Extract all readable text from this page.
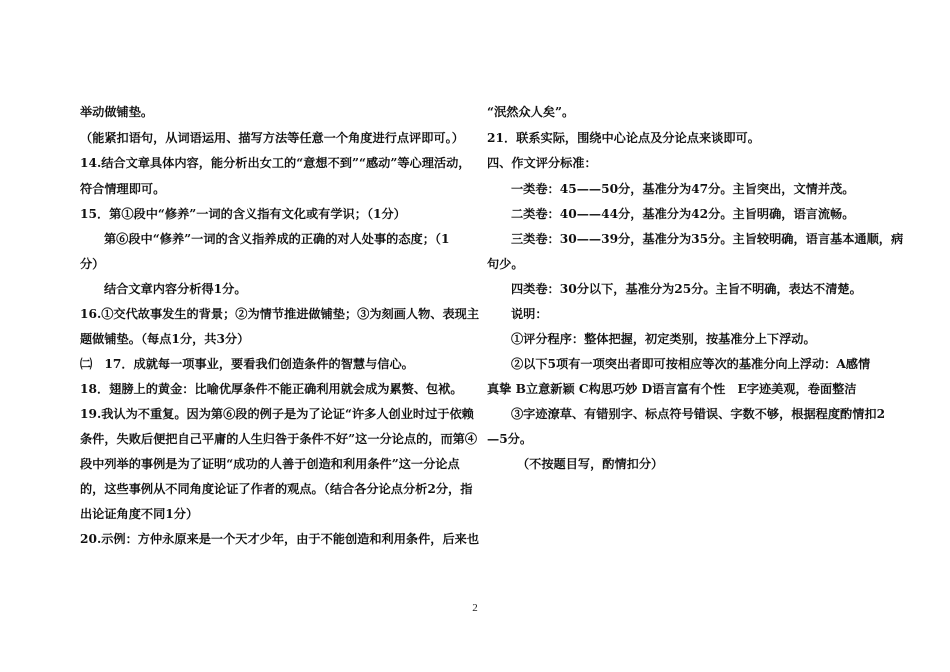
举动做铺垫。
（能紧扣语句，从词语运用、描写方法等任意一个角度进行点评即可。）
14.结合文章具体内容，能分析出女工的“意想不到”“感动”等心理活动，
符合情理即可。
15．第①段中“修养”一词的含义指有文化或有学识；（1分）
第⑥段中“修养”一词的含义指养成的正确的对人处事的态度；（1
分）
结合文章内容分析得1分。
16.①交代故事发生的背景；②为情节推进做铺垫；③为刻画人物、表现主
题做铺垫。（每点1分，共3分）
㈡　17．成就每一项事业，要看我们创造条件的智慧与信心。
18．翅膀上的黄金：比喻优厚条件不能正确利用就会成为累赘、包袱。
19.我认为不重复。因为第⑥段的例子是为了论证“许多人创业时过于依赖
条件，失败后便把自己平庸的人生归咎于条件不好”这一分论点的，而第④
段中列举的事例是为了证明“成功的人善于创造和利用条件”这一分论点
的，这些事例从不同角度论证了作者的观点。（结合各分论点分析2分，指
出论证角度不同1分）
20.示例：方仲永原来是一个天才少年，由于不能创造和利用条件，后来也
“泯然众人矣”。
21．联系实际，围绕中心论点及分论点来谈即可。
四、作文评分标准：
一类卷：45——50分，基准分为47分。主旨突出，文情并茂。
二类卷：40——44分，基准分为42分。主旨明确，语言流畅。
三类卷：30——39分，基准分为35分。主旨较明确，语言基本通顺，病
句少。
四类卷：30分以下，基准分为25分。主旨不明确，表达不清楚。
说明：
①评分程序：整体把握，初定类别，按基准分上下浮动。
②以下5项有一项突出者即可按相应等次的基准分向上浮动：A感情
真挚 B立意新颖 C构思巧妙 D语言富有个性　E字迹美观，卷面整洁
③字迹潦草、有错别字、标点符号错误、字数不够，根据程度酌情扣2
—5分。
（不按题目写，酌情扣分）
2
